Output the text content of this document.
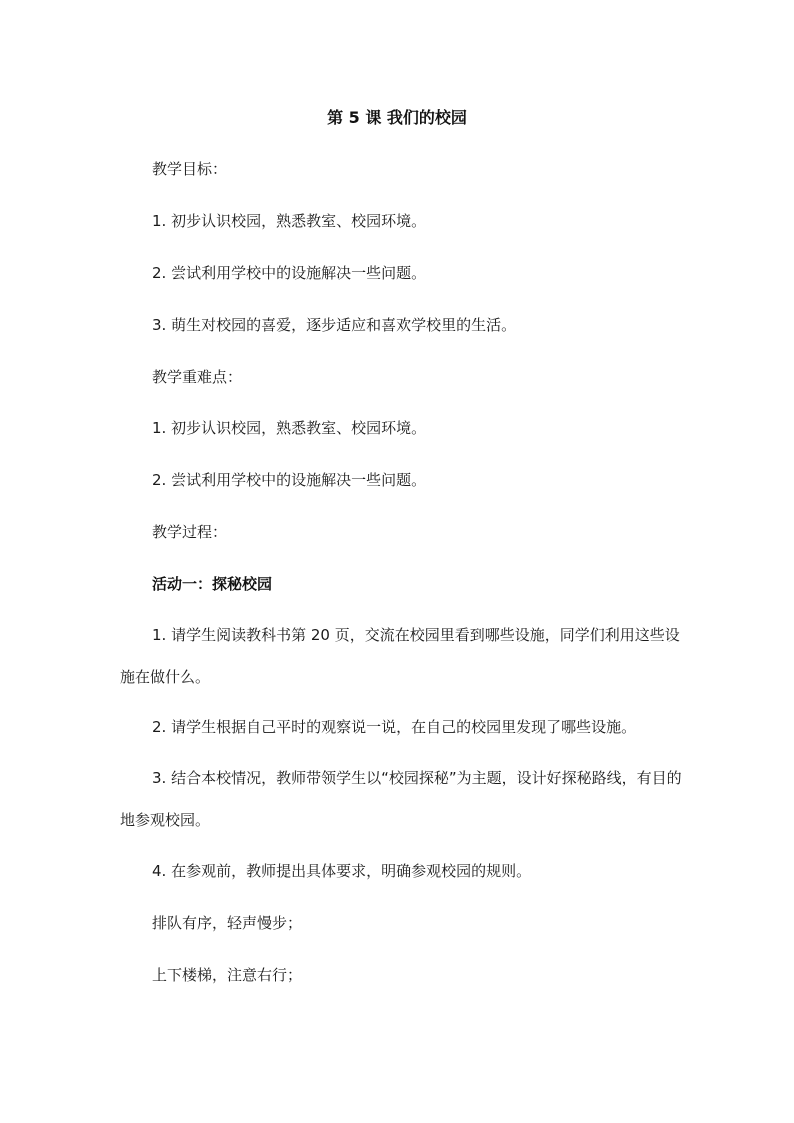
第 5 课 我们的校园
教学目标：
1. 初步认识校园，熟悉教室、校园环境。
2. 尝试利用学校中的设施解决一些问题。
3. 萌生对校园的喜爱，逐步适应和喜欢学校里的生活。
教学重难点：
1. 初步认识校园，熟悉教室、校园环境。
2. 尝试利用学校中的设施解决一些问题。
教学过程：
活动一：探秘校园
1. 请学生阅读教科书第 20 页，交流在校园里看到哪些设施，同学们利用这些设施在做什么。
2. 请学生根据自己平时的观察说一说，在自己的校园里发现了哪些设施。
3. 结合本校情况，教师带领学生以“校园探秘”为主题，设计好探秘路线，有目的地参观校园。
4. 在参观前，教师提出具体要求，明确参观校园的规则。
排队有序，轻声慢步；
上下楼梯，注意右行；
